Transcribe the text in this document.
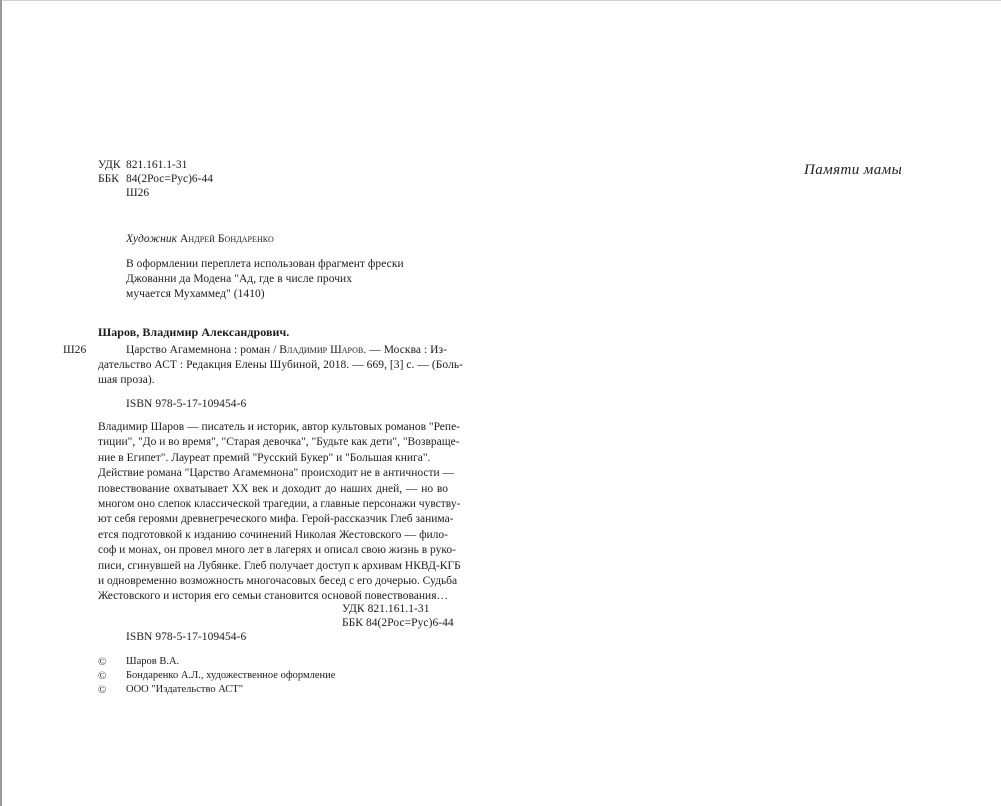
УДК 821.161.1-31
ББК 84(2Рос=Рус)6-44
Ш26
Художник Андрей Бондаренко
В оформлении переплета использован фрагмент фрески
Джованни да Модена "Ад, где в числе прочих
мучается Мухаммед" (1410)
Шаров, Владимир Александрович.
Ш26	Царство Агамемнона : роман / Владимир Шаров. — Москва : Из-
дательство АСТ : Редакция Елены Шубиной, 2018. — 669, [3] с. — (Боль-
шая проза).
ISBN 978-5-17-109454-6
Владимир Шаров — писатель и историк, автор культовых романов "Репе-
тиции", "До и во время", "Старая девочка", "Будьте как дети", "Возвраще-
ние в Египет". Лауреат премий "Русский Букер" и "Большая книга".
Действие романа "Царство Агамемнона" происходит не в античности —
повествование охватывает XX век и доходит до наших дней, — но во
многом оно слепок классической трагедии, а главные персонажи чувству-
ют себя героями древнегреческого мифа. Герой-рассказчик Глеб занима-
ется подготовкой к изданию сочинений Николая Жестовского — фило-
соф и монах, он провел много лет в лагерях и описал свою жизнь в руко-
писи, сгинувшей на Лубянке. Глеб получает доступ к архивам НКВД-КГБ
и одновременно возможность многочасовых бесед с его дочерью. Судьба
Жестовского и история его семьи становится основой повествования…
УДК 821.161.1-31
ББК 84(2Рос=Рус)6-44
ISBN 978-5-17-109454-6
© Шаров В.А.
© Бондаренко А.Л., художественное оформление
© ООО "Издательство АСТ"
Памяти мамы
